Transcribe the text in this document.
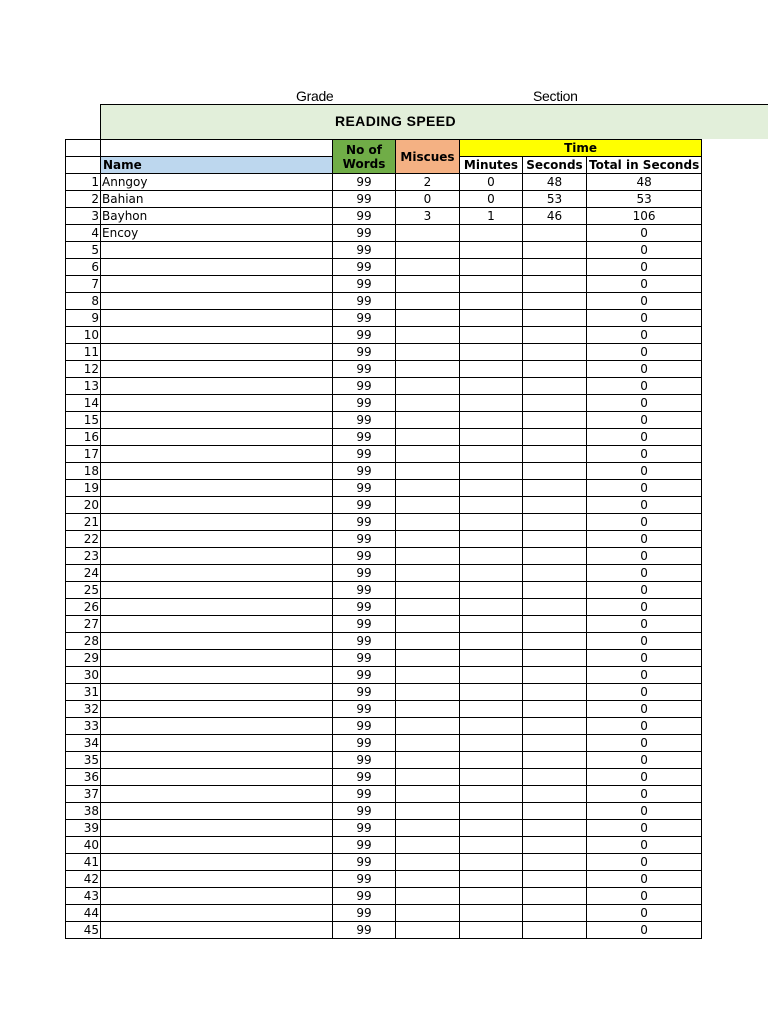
Grade	Section
READING SPEED
		No of
Words	Miscues	Time		
	Name			Minutes	Seconds	Total in Seconds
1	Anngoy	99	2	0	48	48
2	Bahian	99	0	0	53	53
3	Bayhon	99	3	1	46	106
4	Encoy	99				0
5		99				0
6		99				0
7		99				0
8		99				0
9		99				0
10		99				0
11		99				0
12		99				0
13		99				0
14		99				0
15		99				0
16		99				0
17		99				0
18		99				0
19		99				0
20		99				0
21		99				0
22		99				0
23		99				0
24		99				0
25		99				0
26		99				0
27		99				0
28		99				0
29		99				0
30		99				0
31		99				0
32		99				0
33		99				0
34		99				0
35		99				0
36		99				0
37		99				0
38		99				0
39		99				0
40		99				0
41		99				0
42		99				0
43		99				0
44		99				0
45		99				0
